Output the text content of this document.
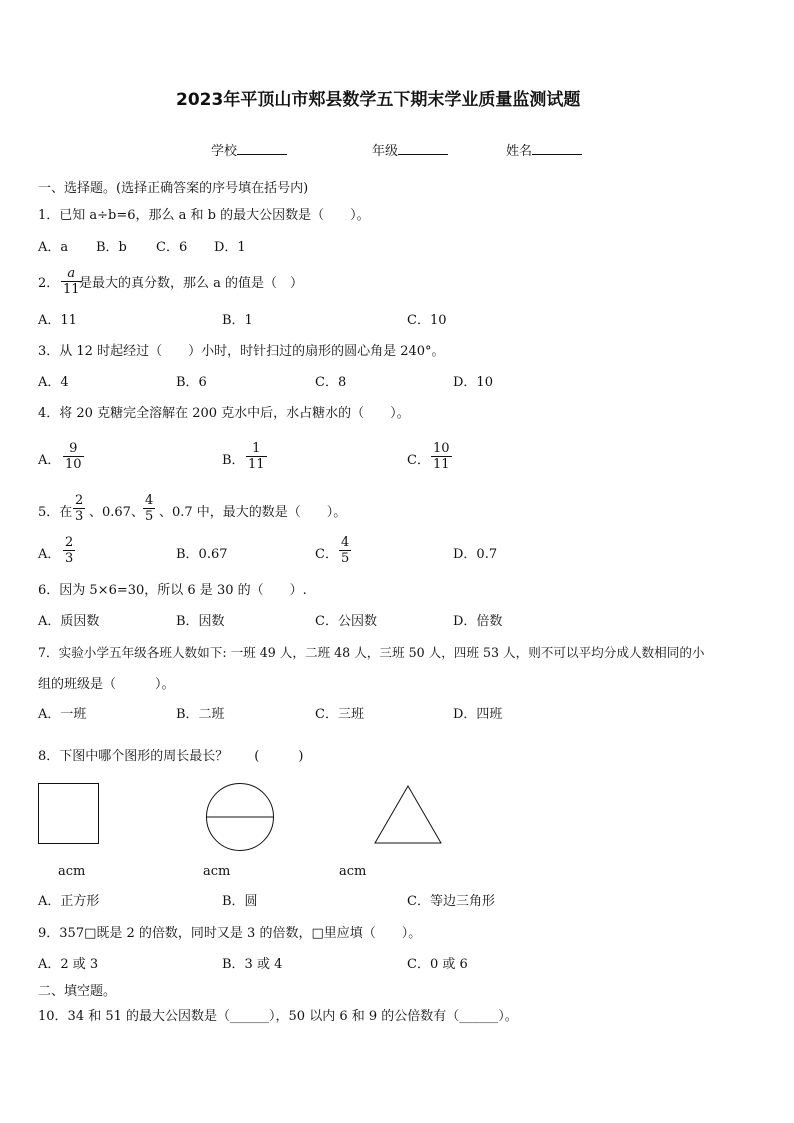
2023年平顶山市郏县数学五下期末学业质量监测试题
学校	年级	姓名
一、选择题。(选择正确答案的序号填在括号内)
1．已知 a÷b=6，那么 a 和 b 的最大公因数是（　　）。
A．a B．b C．6 D．1
2．
a
11 是最大的真分数，那么 a 的值是（　）
A．11	B．1	C．10
3．从 12 时起经过（　　）小时，时针扫过的扇形的圆心角是 240°。
A．4	B．6	C．8	D．10
4．将 20 克糖完全溶解在 200 克水中后，水占糖水的（　　）。
A．
9
10	B．
1
11	C．
10
11
5．在
2
3 、0.67、
4
5 、0.7 中，最大的数是（　　）。
A．
2
3	B．0.67	C．
4
5	D．0.7
6．因为 5×6=30，所以 6 是 30 的（　　）.
A．质因数	B．因数	C．公因数	D．倍数
7．实验小学五年级各班人数如下: 一班 49 人，二班 48 人，三班 50 人，四班 53 人，则不可以平均分成人数相同的小
组的班级是（　　　）。
A．一班	B．二班	C．三班	D．四班
8．下图中哪个图形的周长最长？　　(　　　)
acm	acm	acm
A．正方形	B．圆	C．等边三角形
9．357□既是 2 的倍数，同时又是 3 的倍数，□里应填（　　）。
A．2 或 3	B．3 或 4	C．0 或 6
二、填空题。
10．34 和 51 的最大公因数是（______），50 以内 6 和 9 的公倍数有（______）。
